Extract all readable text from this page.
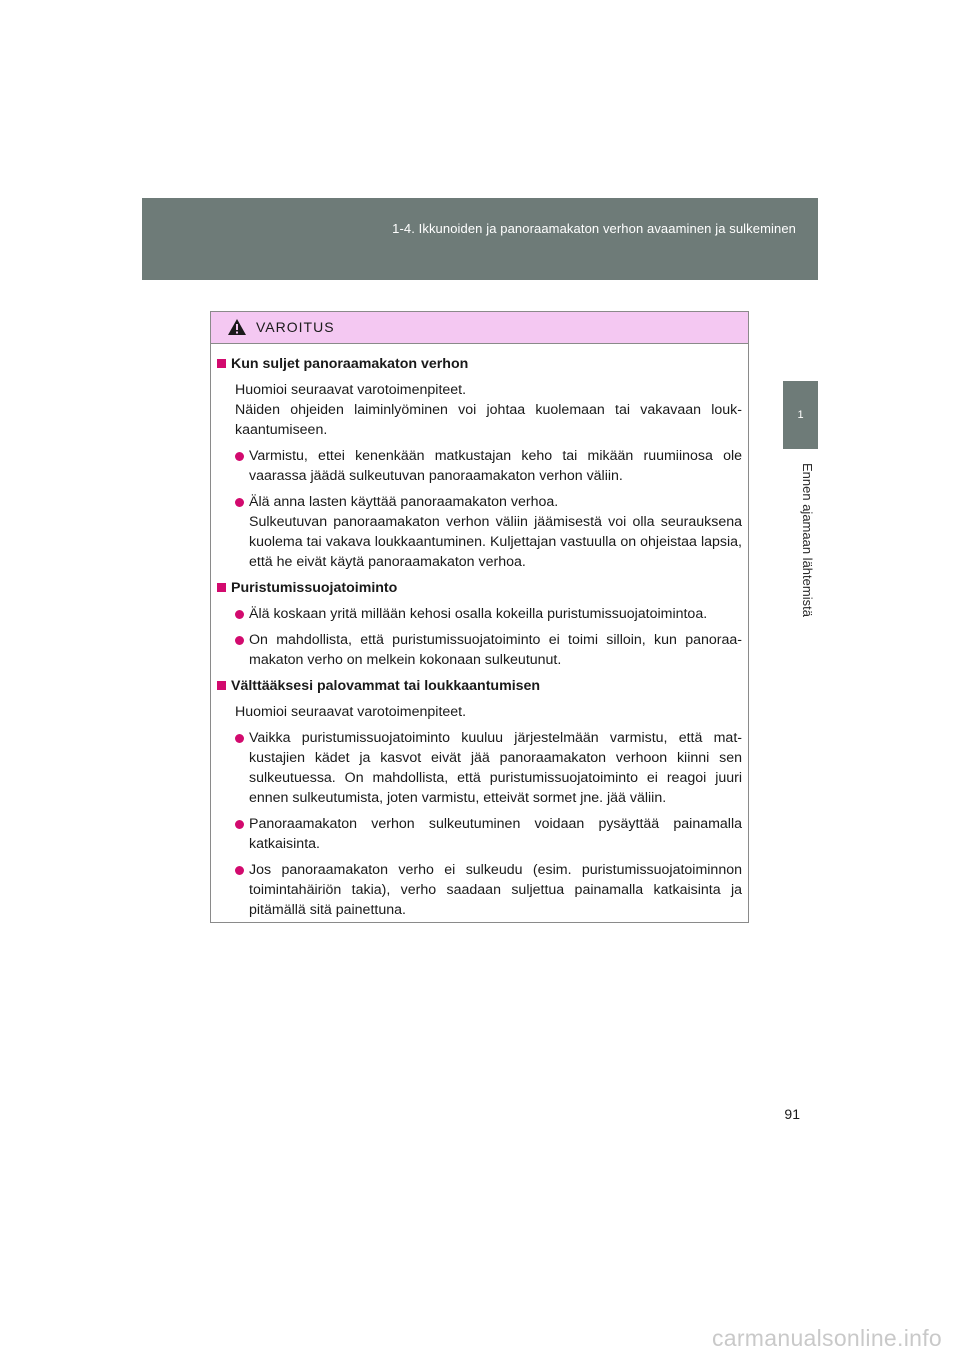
1-4. Ikkunoiden ja panoraamakaton verhon avaaminen ja sulkeminen
1
Ennen ajamaan lähtemistä
VAROITUS
Kun suljet panoraamakaton verhon
Huomioi seuraavat varotoimenpiteet.
Näiden ohjeiden laiminlyöminen voi johtaa kuolemaan tai vakavaan loukkaantumiseen.
Varmistu, ettei kenenkään matkustajan keho tai mikään ruumiinosa ole vaarassa jäädä sulkeutuvan panoraamakaton verhon väliin.
Älä anna lasten käyttää panoraamakaton verhoa.
Sulkeutuvan panoraamakaton verhon väliin jäämisestä voi olla seurauksena kuolema tai vakava loukkaantuminen. Kuljettajan vastuulla on ohjeistaa lapsia, että he eivät käytä panoraamakaton verhoa.
Puristumissuojatoiminto
Älä koskaan yritä millään kehosi osalla kokeilla puristumissuojatoimintoa.
On mahdollista, että puristumissuojatoiminto ei toimi silloin, kun panoraamakaton verho on melkein kokonaan sulkeutunut.
Välttääksesi palovammat tai loukkaantumisen
Huomioi seuraavat varotoimenpiteet.
Vaikka puristumissuojatoiminto kuuluu järjestelmään varmistu, että matkustajien kädet ja kasvot eivät jää panoraamakaton verhoon kiinni sen sulkeutuessa. On mahdollista, että puristumissuojatoiminto ei reagoi juuri ennen sulkeutumista, joten varmistu, etteivät sormet jne. jää väliin.
Panoraamakaton verhon sulkeutuminen voidaan pysäyttää painamalla katkaisinta.
Jos panoraamakaton verho ei sulkeudu (esim. puristumissuojatoiminnon toimintahäiriön takia), verho saadaan suljettua painamalla katkaisinta ja pitämällä sitä painettuna.
91
carmanualsonline.info
